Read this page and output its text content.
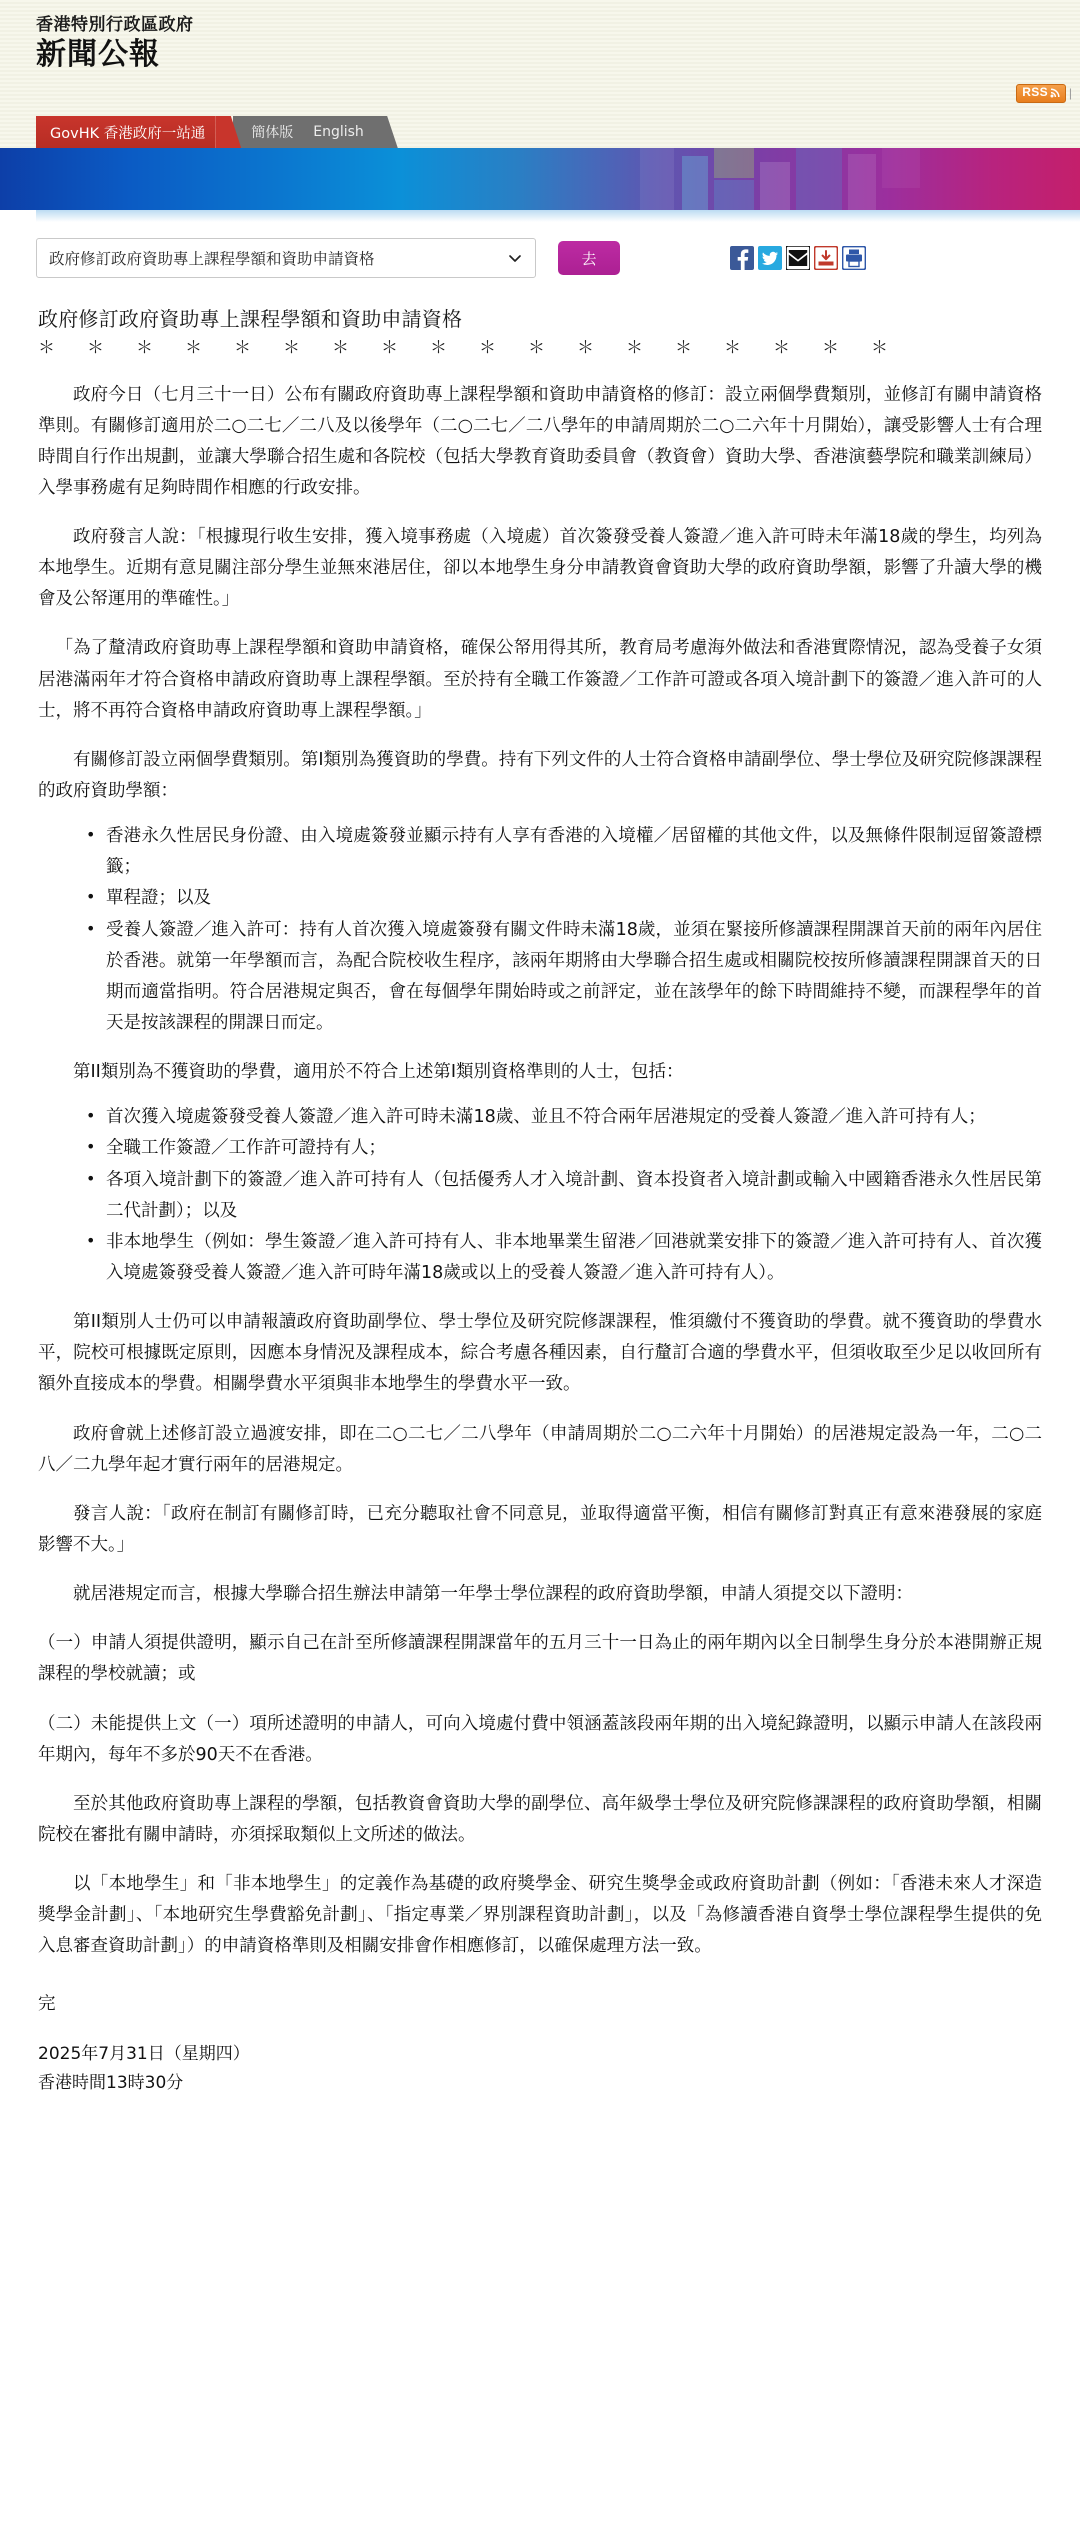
香港特別行政區政府
新聞公報
RSS |
GovHK 香港政府一站通	簡体版 English
政府修訂政府資助專上課程學額和資助申請資格	去
政府修訂政府資助專上課程學額和資助申請資格
＊　＊　＊　＊　＊　＊　＊　＊　＊　＊　＊　＊　＊　＊　＊　＊　＊　＊

政府今日（七月三十一日）公布有關政府資助專上課程學額和資助申請資格的修訂：設立兩個學費類別，並修訂有關申請資格準則。有關修訂適用於二○二七／二八及以後學年（二○二七／二八學年的申請周期於二○二六年十月開始），讓受影響人士有合理時間自行作出規劃，並讓大學聯合招生處和各院校（包括大學教育資助委員會（教資會）資助大學、香港演藝學院和職業訓練局）入學事務處有足夠時間作相應的行政安排。

政府發言人說：「根據現行收生安排，獲入境事務處（入境處）首次簽發受養人簽證／進入許可時未年滿18歲的學生，均列為本地學生。近期有意見關注部分學生並無來港居住，卻以本地學生身分申請教資會資助大學的政府資助學額，影響了升讀大學的機會及公帑運用的準確性。」

「為了釐清政府資助專上課程學額和資助申請資格，確保公帑用得其所，教育局考慮海外做法和香港實際情況，認為受養子女須居港滿兩年才符合資格申請政府資助專上課程學額。至於持有全職工作簽證／工作許可證或各項入境計劃下的簽證／進入許可的人士，將不再符合資格申請政府資助專上課程學額。」

有關修訂設立兩個學費類別。第I類別為獲資助的學費。持有下列文件的人士符合資格申請副學位、學士學位及研究院修課課程的政府資助學額：

• 香港永久性居民身份證、由入境處簽發並顯示持有人享有香港的入境權／居留權的其他文件，以及無條件限制逗留簽證標籤；
• 單程證；以及
• 受養人簽證／進入許可：持有人首次獲入境處簽發有關文件時未滿18歲，並須在緊接所修讀課程開課首天前的兩年內居住於香港。就第一年學額而言，為配合院校收生程序，該兩年期將由大學聯合招生處或相關院校按所修讀課程開課首天的日期而適當指明。符合居港規定與否，會在每個學年開始時或之前評定，並在該學年的餘下時間維持不變，而課程學年的首天是按該課程的開課日而定。

第II類別為不獲資助的學費，適用於不符合上述第I類別資格準則的人士，包括：

• 首次獲入境處簽發受養人簽證／進入許可時未滿18歲、並且不符合兩年居港規定的受養人簽證／進入許可持有人；
• 全職工作簽證／工作許可證持有人；
• 各項入境計劃下的簽證／進入許可持有人（包括優秀人才入境計劃、資本投資者入境計劃或輸入中國籍香港永久性居民第二代計劃）；以及
• 非本地學生（例如：學生簽證／進入許可持有人、非本地畢業生留港／回港就業安排下的簽證／進入許可持有人、首次獲入境處簽發受養人簽證／進入許可時年滿18歲或以上的受養人簽證／進入許可持有人）。

第II類別人士仍可以申請報讀政府資助副學位、學士學位及研究院修課課程，惟須繳付不獲資助的學費。就不獲資助的學費水平，院校可根據既定原則，因應本身情況及課程成本，綜合考慮各種因素，自行釐訂合適的學費水平，但須收取至少足以收回所有額外直接成本的學費。相關學費水平須與非本地學生的學費水平一致。

政府會就上述修訂設立過渡安排，即在二○二七／二八學年（申請周期於二○二六年十月開始）的居港規定設為一年，二○二八／二九學年起才實行兩年的居港規定。

發言人說：「政府在制訂有關修訂時，已充分聽取社會不同意見，並取得適當平衡，相信有關修訂對真正有意來港發展的家庭影響不大。」

就居港規定而言，根據大學聯合招生辦法申請第一年學士學位課程的政府資助學額，申請人須提交以下證明：

（一）申請人須提供證明，顯示自己在計至所修讀課程開課當年的五月三十一日為止的兩年期內以全日制學生身分於本港開辦正規課程的學校就讀；或

（二）未能提供上文（一）項所述證明的申請人，可向入境處付費中領涵蓋該段兩年期的出入境紀錄證明，以顯示申請人在該段兩年期內，每年不多於90天不在香港。

至於其他政府資助專上課程的學額，包括教資會資助大學的副學位、高年級學士學位及研究院修課課程的政府資助學額，相關院校在審批有關申請時，亦須採取類似上文所述的做法。

以「本地學生」和「非本地學生」的定義作為基礎的政府獎學金、研究生獎學金或政府資助計劃（例如：「香港未來人才深造獎學金計劃」、「本地研究生學費豁免計劃」、「指定專業／界別課程資助計劃」，以及「為修讀香港自資學士學位課程學生提供的免入息審查資助計劃」）的申請資格準則及相關安排會作相應修訂，以確保處理方法一致。

完
2025年7月31日（星期四）
香港時間13時30分
